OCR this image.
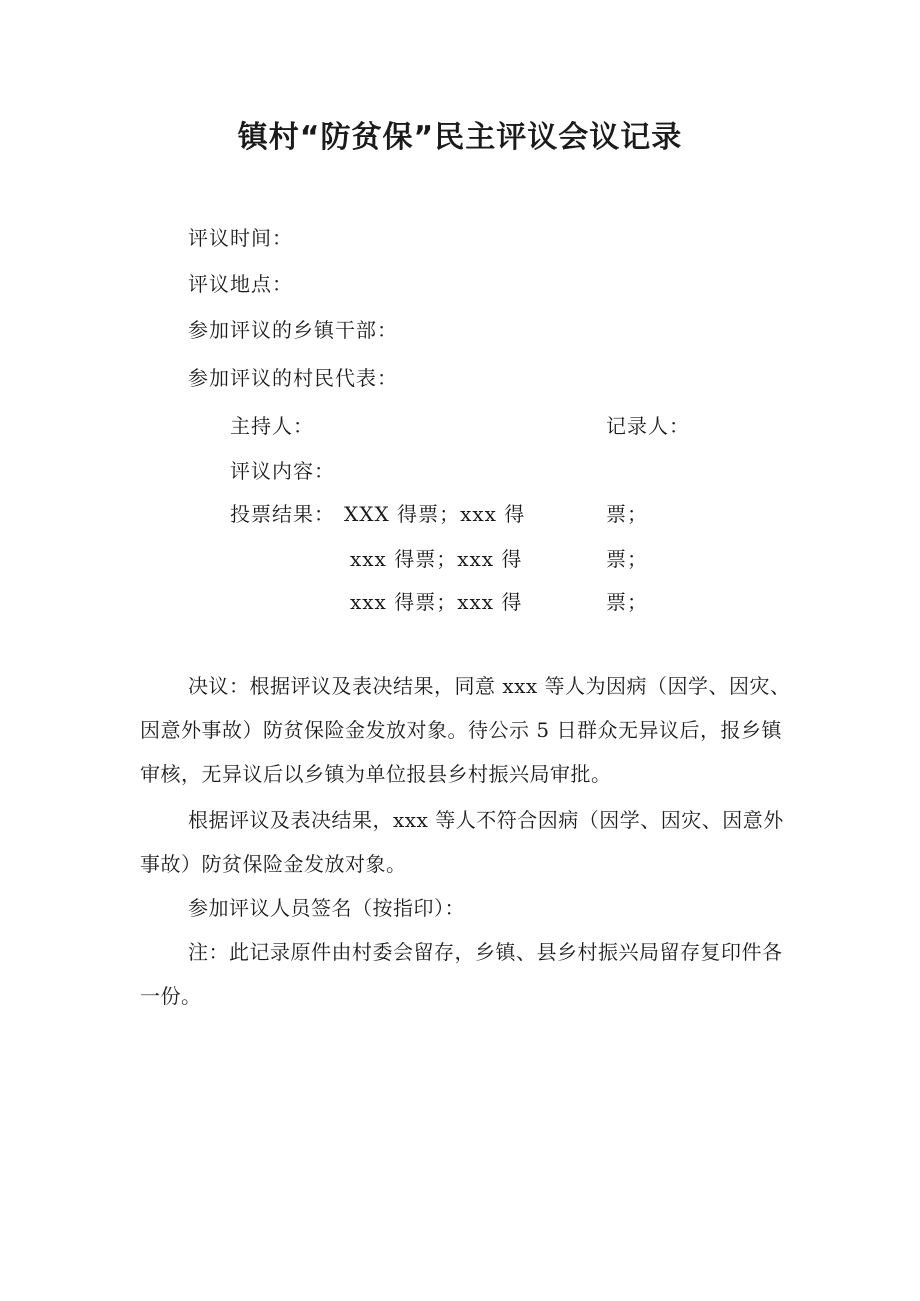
镇村“防贫保”民主评议会议记录
评议时间：
评议地点：
参加评议的乡镇干部：
参加评议的村民代表：
主持人：	记录人：
评议内容：
投票结果： XXX 得票；xxx 得	票；
xxx 得票；xxx 得	票；
xxx 得票；xxx 得	票；
决议：根据评议及表决结果，同意 xxx 等人为因病（因学、因灾、因意外事故）防贫保险金发放对象。待公示 5 日群众无异议后，报乡镇审核，无异议后以乡镇为单位报县乡村振兴局审批。
根据评议及表决结果，xxx 等人不符合因病（因学、因灾、因意外事故）防贫保险金发放对象。
参加评议人员签名（按指印）：
注：此记录原件由村委会留存，乡镇、县乡村振兴局留存复印件各一份。
